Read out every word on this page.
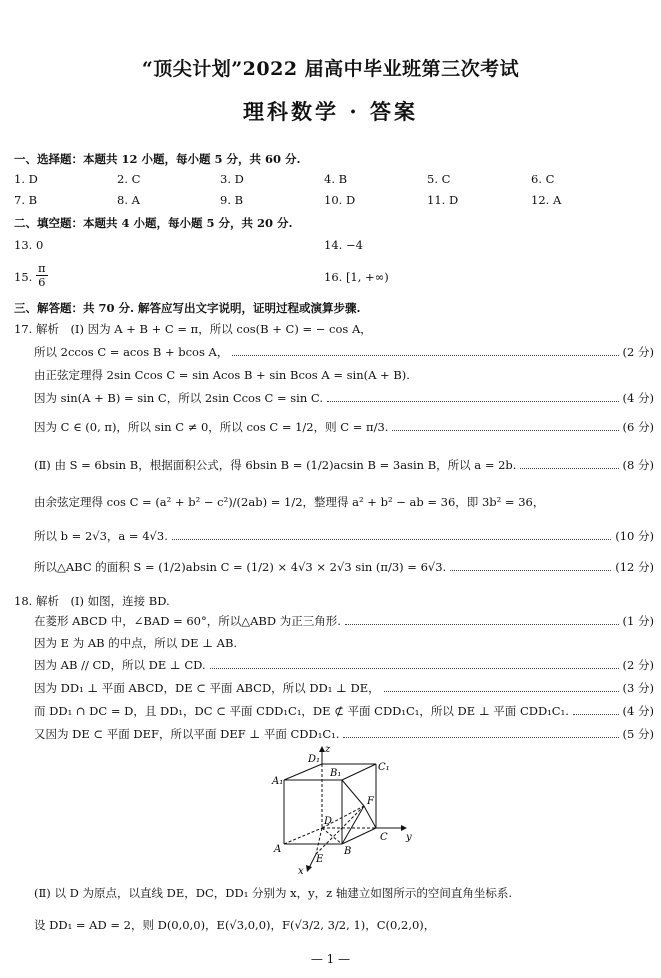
“顶尖计划”2022 届高中毕业班第三次考试
理科数学 · 答案
一、选择题：本题共 12 小题，每小题 5 分，共 60 分.
1. D	2. C	3. D	4. B	5. C	6. C
7. B	8. A	9. B	10. D	11. D	12. A
二、填空题：本题共 4 小题，每小题 5 分，共 20 分.
13. 0	14. −4
15. $\frac{\pi}{6}$	16. [1, +∞)
三、解答题：共 70 分. 解答应写出文字说明，证明过程或演算步骤.
17. 解析　(Ⅰ) 因为 A + B + C = π，所以 cos(B + C) = − cos A，
所以 2ccos C = acos B + bcos A，	(2 分)
由正弦定理得 2sin Ccos C = sin Acos B + sin Bcos A = sin(A + B).
因为 sin(A + B) = sin C，所以 2sin Ccos C = sin C.	(4 分)
因为 C ∈ (0, π)，所以 sin C ≠ 0，所以 cos C = 1/2，则 C = π/3.	(6 分)
(Ⅱ) 由 S = 6bsin B，根据面积公式，得 6bsin B = (1/2)acsin B = 3asin B，所以 a = 2b.	(8 分)
由余弦定理得 cos C = (a² + b² − c²)/(2ab) = 1/2，整理得 a² + b² − ab = 36，即 3b² = 36，
所以 b = 2√3，a = 4√3.	(10 分)
所以△ABC 的面积 S = (1/2)absin C = (1/2) × 4√3 × 2√3 sin (π/3) = 6√3.	(12 分)
18. 解析　(Ⅰ) 如图，连接 BD.
在菱形 ABCD 中，∠BAD = 60°，所以△ABD 为正三角形.	(1 分)
因为 E 为 AB 的中点，所以 DE ⊥ AB.
因为 AB // CD，所以 DE ⊥ CD.	(2 分)
因为 DD₁ ⊥ 平面 ABCD，DE ⊂ 平面 ABCD，所以 DD₁ ⊥ DE，	(3 分)
而 DD₁ ∩ DC = D，且 DD₁，DC ⊂ 平面 CDD₁C₁，DE ⊄ 平面 CDD₁C₁，所以 DE ⊥ 平面 CDD₁C₁.	(4 分)
又因为 DE ⊂ 平面 DEF，所以平面 DEF ⊥ 平面 CDD₁C₁.	(5 分)
D₁
z
B₁
C₁
A₁
F
D
C y
A
E
B
x
(Ⅱ) 以 D 为原点，以直线 DE，DC，DD₁ 分别为 x，y，z 轴建立如图所示的空间直角坐标系.
设 DD₁ = AD = 2，则 D(0,0,0)，E(√3,0,0)，F(√3/2, 3/2, 1)，C(0,2,0)，
— 1 —
